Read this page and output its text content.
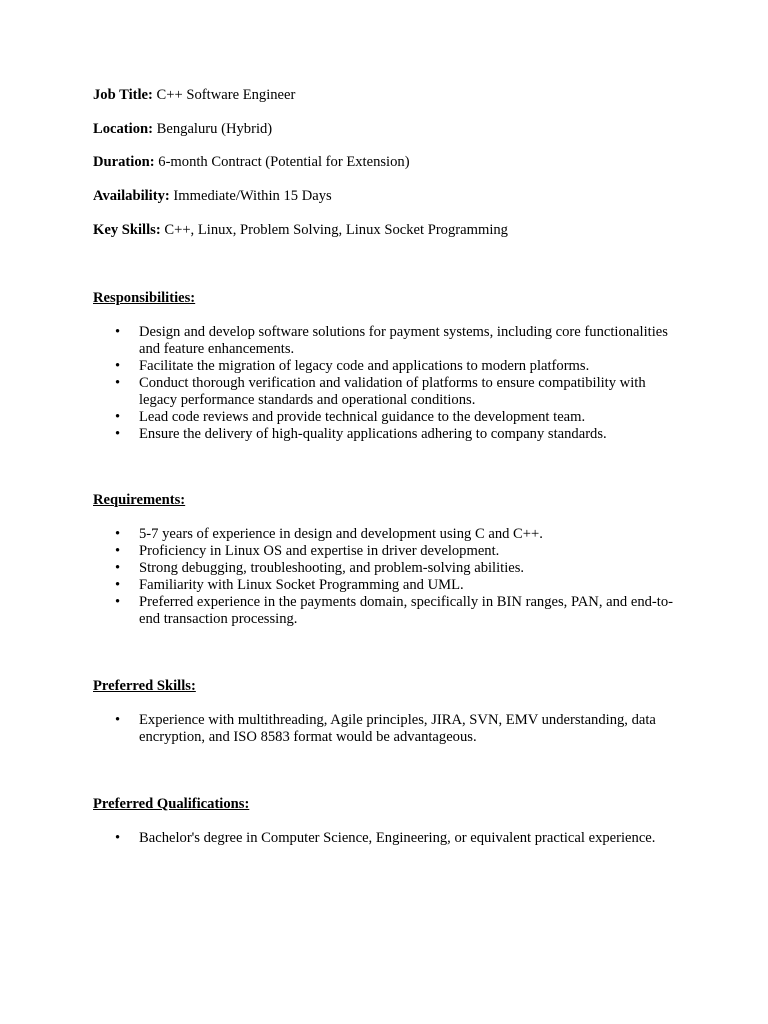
Job Title: C++ Software Engineer

Location: Bengaluru (Hybrid)

Duration: 6-month Contract (Potential for Extension)

Availability: Immediate/Within 15 Days

Key Skills: C++, Linux, Problem Solving, Linux Socket Programming

Responsibilities:

• Design and develop software solutions for payment systems, including core functionalities and feature enhancements.
• Facilitate the migration of legacy code and applications to modern platforms.
• Conduct thorough verification and validation of platforms to ensure compatibility with legacy performance standards and operational conditions.
• Lead code reviews and provide technical guidance to the development team.
• Ensure the delivery of high-quality applications adhering to company standards.

Requirements:

• 5-7 years of experience in design and development using C and C++.
• Proficiency in Linux OS and expertise in driver development.
• Strong debugging, troubleshooting, and problem-solving abilities.
• Familiarity with Linux Socket Programming and UML.
• Preferred experience in the payments domain, specifically in BIN ranges, PAN, and end-to-end transaction processing.

Preferred Skills:

• Experience with multithreading, Agile principles, JIRA, SVN, EMV understanding, data encryption, and ISO 8583 format would be advantageous.

Preferred Qualifications:

• Bachelor's degree in Computer Science, Engineering, or equivalent practical experience.
